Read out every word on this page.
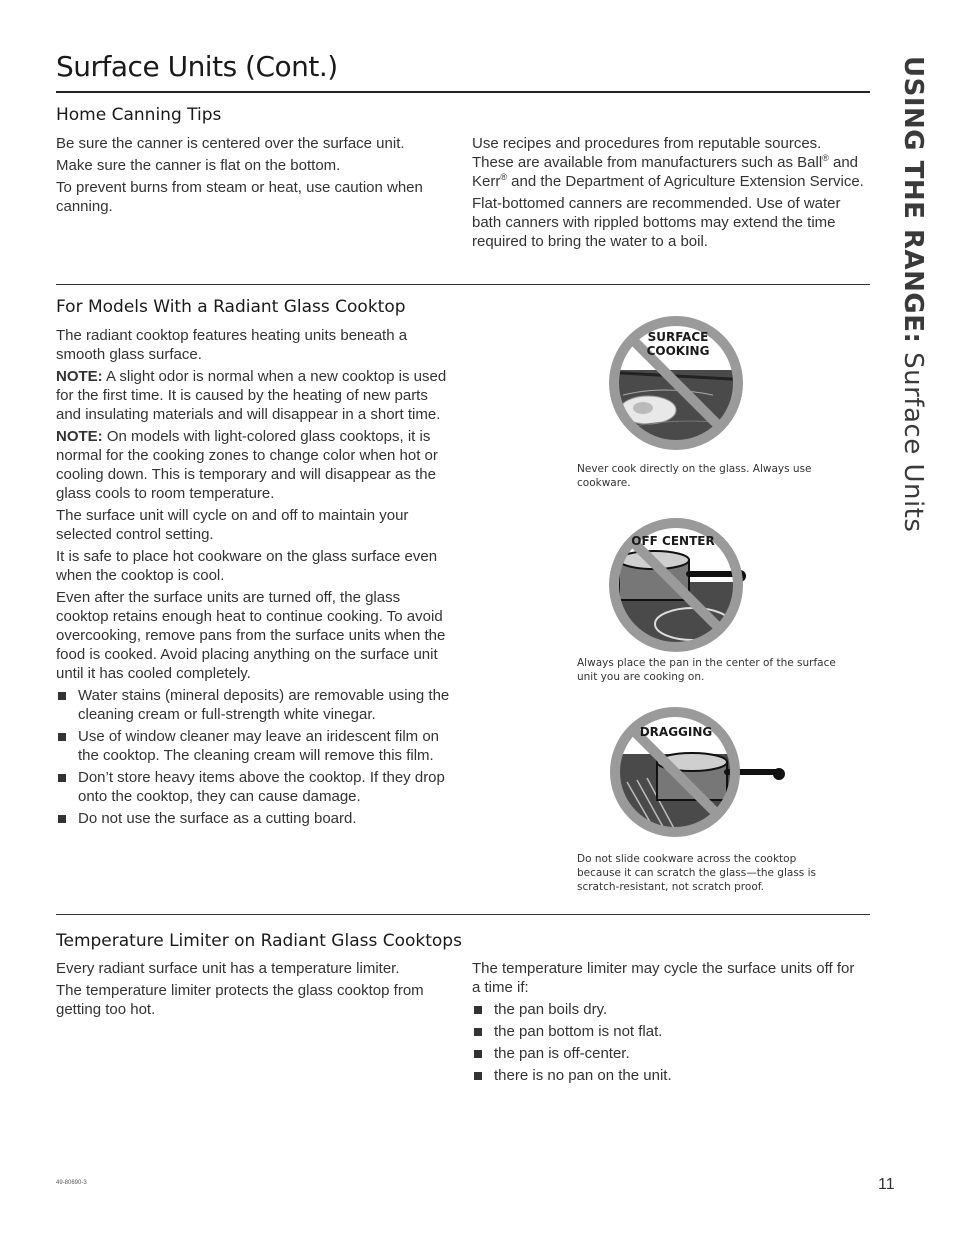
Surface Units (Cont.)	USING THE RANGE: Surface Units
Home Canning Tips

Be sure the canner is centered over the surface unit.

Make sure the canner is flat on the bottom.

To prevent burns from steam or heat, use caution when canning.

Use recipes and procedures from reputable sources. These are available from manufacturers such as Ball® and Kerr® and the Department of Agriculture Extension Service.

Flat-bottomed canners are recommended. Use of water bath canners with rippled bottoms may extend the time required to bring the water to a boil.

For Models With a Radiant Glass Cooktop

The radiant cooktop features heating units beneath a smooth glass surface.

NOTE: A slight odor is normal when a new cooktop is used for the first time. It is caused by the heating of new parts and insulating materials and will disappear in a short time.

NOTE: On models with light-colored glass cooktops, it is normal for the cooking zones to change color when hot or cooling down. This is temporary and will disappear as the glass cools to room temperature.

The surface unit will cycle on and off to maintain your selected control setting.

It is safe to place hot cookware on the glass surface even when the cooktop is cool.

Even after the surface units are turned off, the glass cooktop retains enough heat to continue cooking. To avoid overcooking, remove pans from the surface units when the food is cooked. Avoid placing anything on the surface unit until it has cooled completely.

Water stains (mineral deposits) are removable using the cleaning cream or full-strength white vinegar.
Use of window cleaner may leave an iridescent film on the cooktop. The cleaning cream will remove this film.
Don’t store heavy items above the cooktop. If they drop onto the cooktop, they can cause damage.
Do not use the surface as a cutting board.
SURFACE
COOKING
Never cook directly on the glass. Always use cookware.
OFF CENTER
Always place the pan in the center of the surface unit you are cooking on.
DRAGGING
Do not slide cookware across the cooktop because it can scratch the glass—the glass is scratch-resistant, not scratch proof.
Temperature Limiter on Radiant Glass Cooktops

Every radiant surface unit has a temperature limiter.

The temperature limiter protects the glass cooktop from getting too hot.

The temperature limiter may cycle the surface units off for a time if:

the pan boils dry.
the pan bottom is not flat.
the pan is off-center.
there is no pan on the unit.
49-80690-3	11
